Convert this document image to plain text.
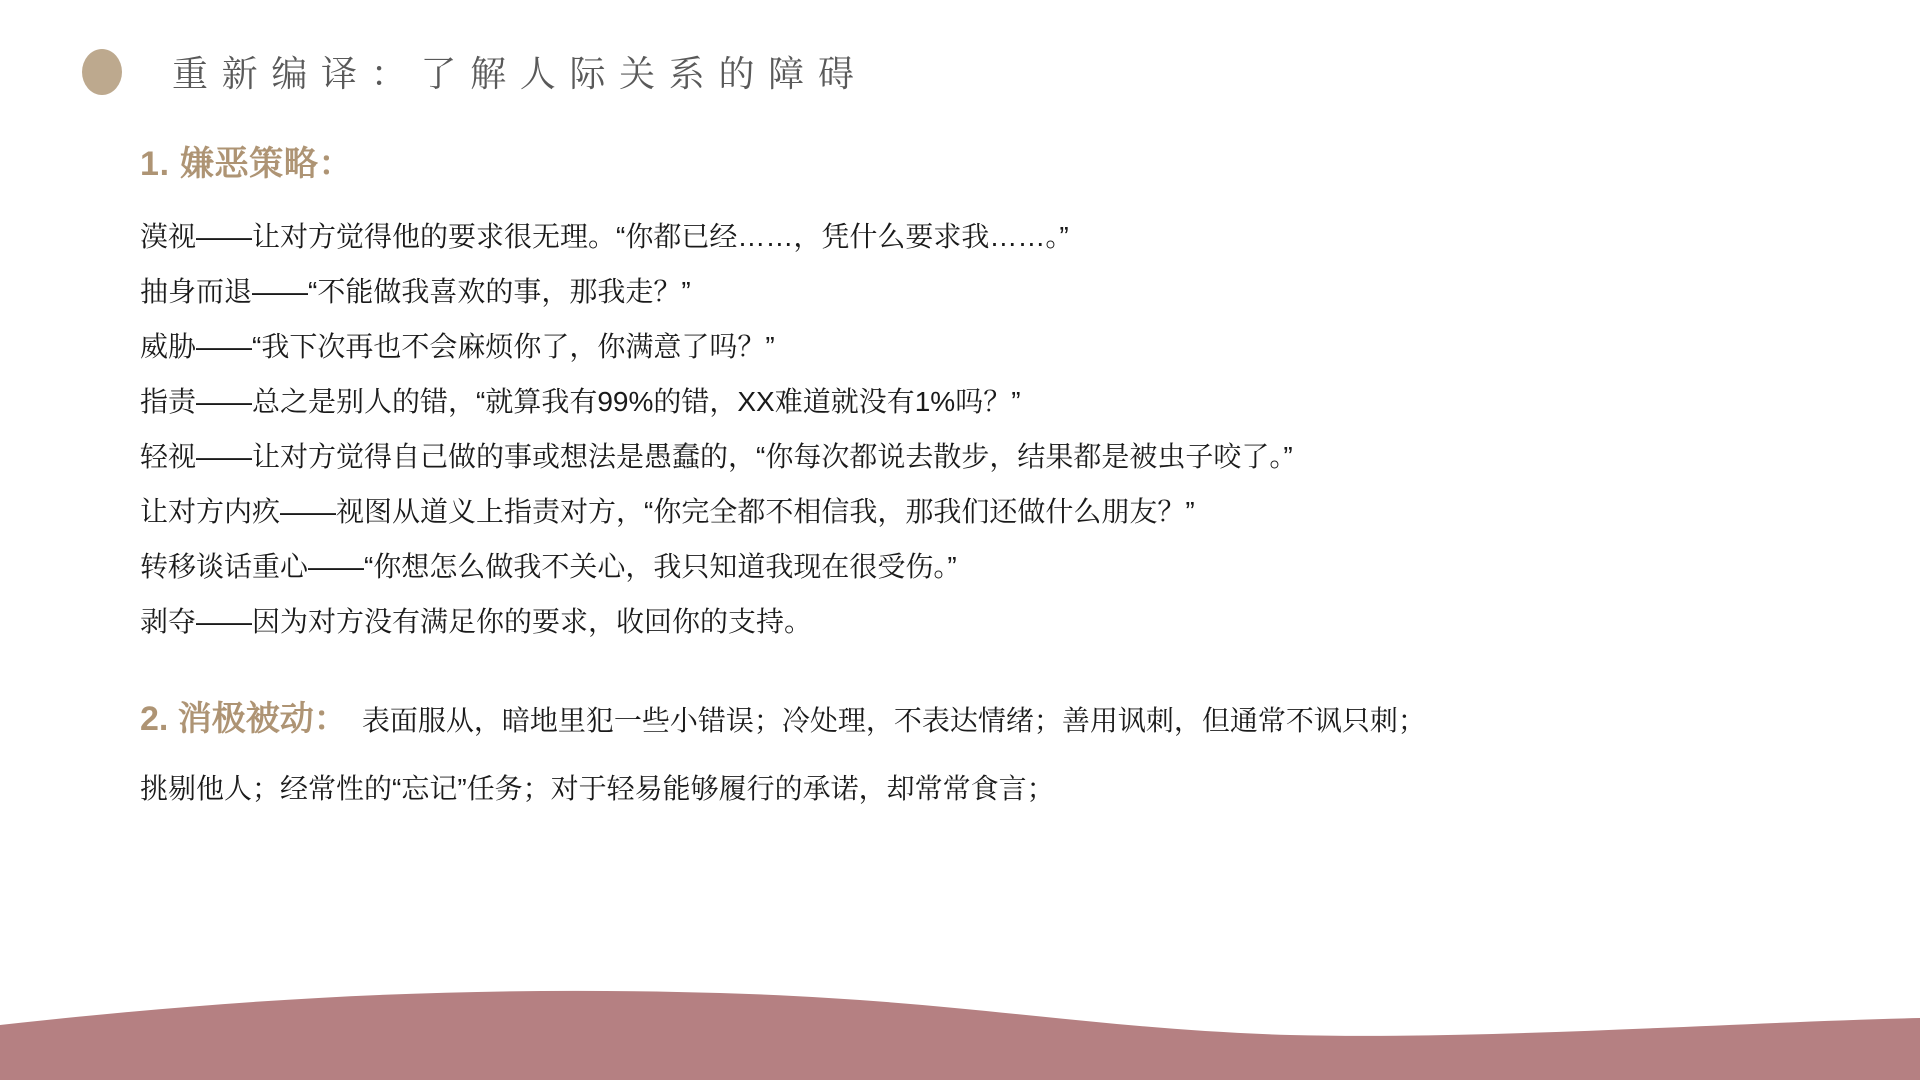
重新编译：了解人际关系的障碍
1. 嫌恶策略：
漠视——让对方觉得他的要求很无理。“你都已经……，凭什么要求我……。”
抽身而退——“不能做我喜欢的事，那我走？”
威胁——“我下次再也不会麻烦你了，你满意了吗？”
指责——总之是别人的错，“就算我有99%的错，XX难道就没有1%吗？”
轻视——让对方觉得自己做的事或想法是愚蠢的，“你每次都说去散步，结果都是被虫子咬了。”
让对方内疚——视图从道义上指责对方，“你完全都不相信我，那我们还做什么朋友？”
转移谈话重心——“你想怎么做我不关心，我只知道我现在很受伤。”
剥夺——因为对方没有满足你的要求，收回你的支持。
2. 消极被动： 表面服从，暗地里犯一些小错误；冷处理，不表达情绪；善用讽刺，但通常不讽只刺；
挑剔他人；经常性的“忘记”任务；对于轻易能够履行的承诺，却常常食言；
